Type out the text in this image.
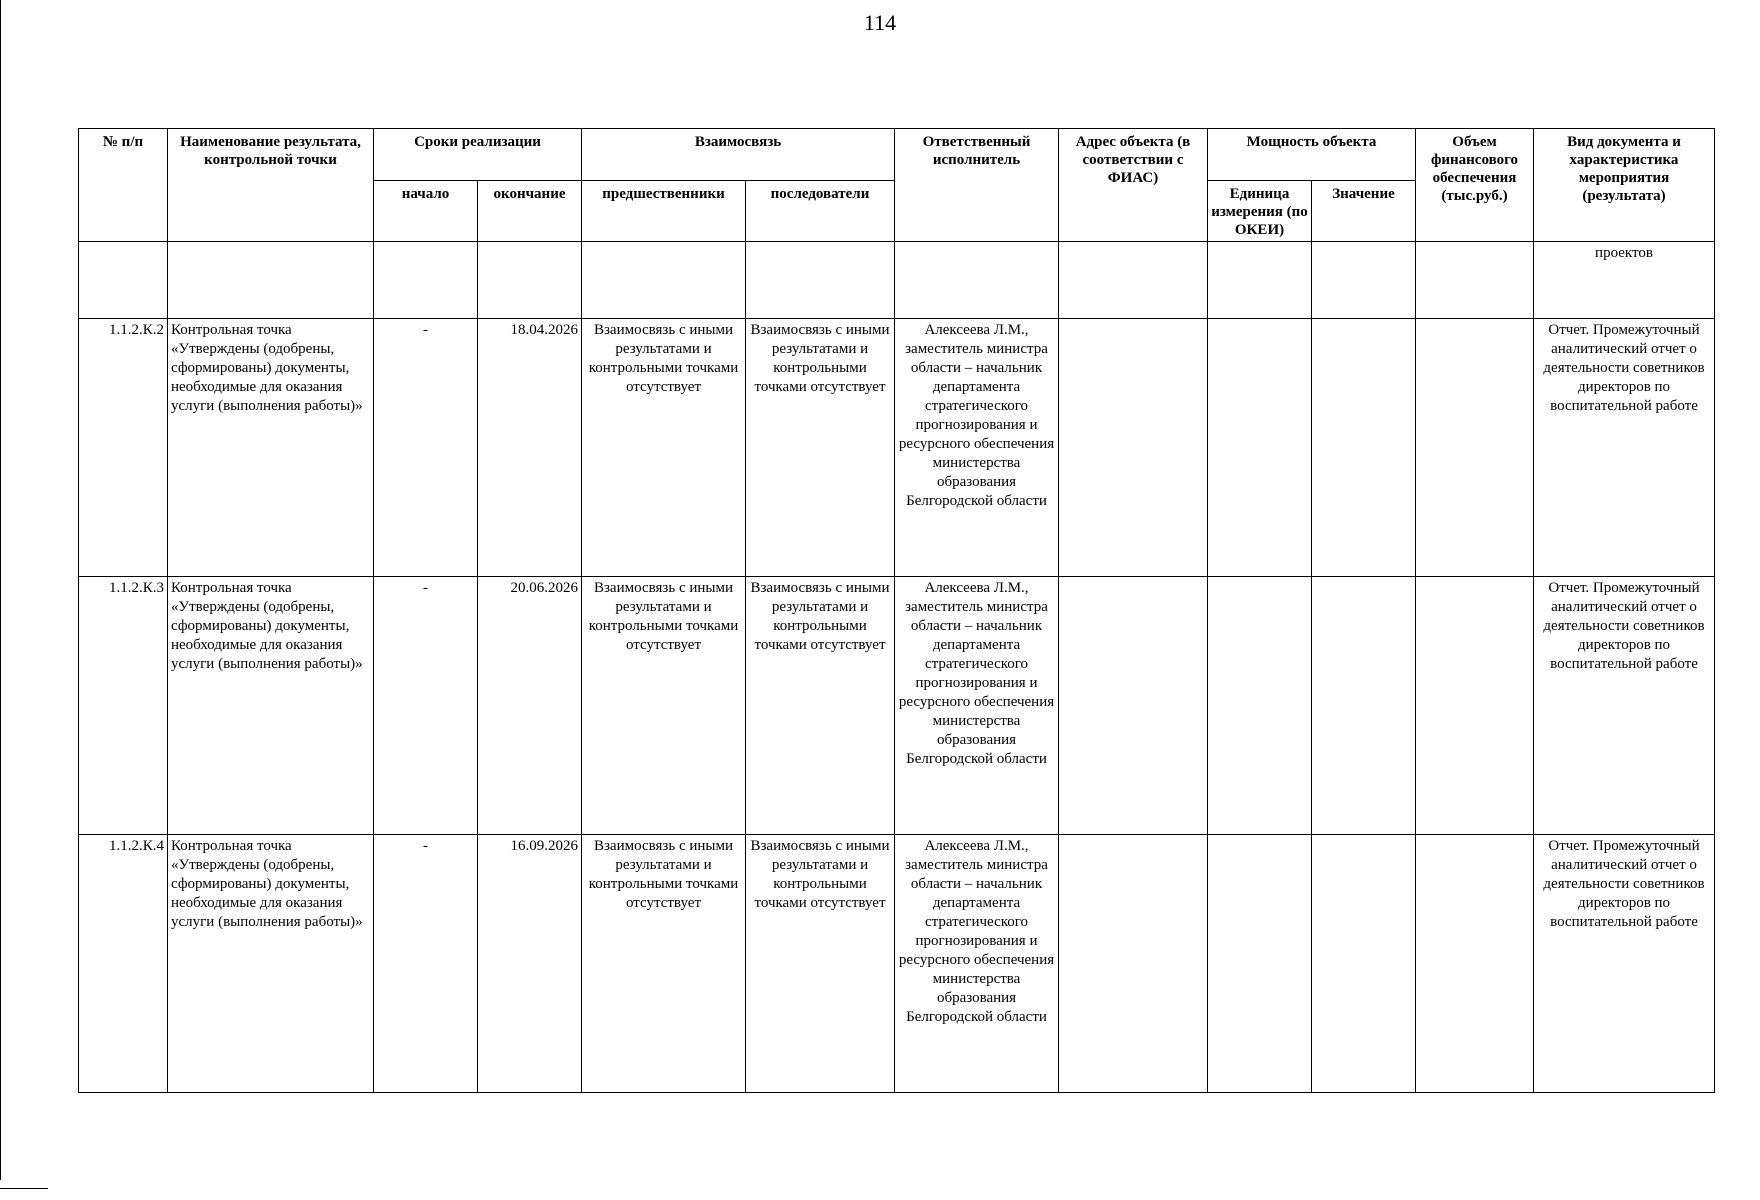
114
№ п/п	Наименование результата, контрольной точки	Сроки реализации		Взаимосвязь		Ответственный исполнитель	Адрес объекта (в соответствии с ФИАС)	Мощность объекта		Объем финансового обеспечения (тыс.руб.)	Вид документа и характеристика мероприятия (результата)
		начало	окончание	предшественники	последователи			Единица измерения (по ОКЕИ)	Значение		
											проектов
1.1.2.К.2	Контрольная точка «Утверждены (одобрены, сформированы) документы, необходимые для оказания услуги (выполнения работы)»	-	18.04.2026	Взаимосвязь с иными результатами и контрольными точками отсутствует	Взаимосвязь с иными результатами и контрольными точками отсутствует	Алексеева Л.М., заместитель министра области – начальник департамента стратегического прогнозирования и ресурсного обеспечения министерства образования Белгородской области					Отчет. Промежуточный аналитический отчет о деятельности советников директоров по воспитательной работе
1.1.2.К.3	Контрольная точка «Утверждены (одобрены, сформированы) документы, необходимые для оказания услуги (выполнения работы)»	-	20.06.2026	Взаимосвязь с иными результатами и контрольными точками отсутствует	Взаимосвязь с иными результатами и контрольными точками отсутствует	Алексеева Л.М., заместитель министра области – начальник департамента стратегического прогнозирования и ресурсного обеспечения министерства образования Белгородской области					Отчет. Промежуточный аналитический отчет о деятельности советников директоров по воспитательной работе
1.1.2.К.4	Контрольная точка «Утверждены (одобрены, сформированы) документы, необходимые для оказания услуги (выполнения работы)»	-	16.09.2026	Взаимосвязь с иными результатами и контрольными точками отсутствует	Взаимосвязь с иными результатами и контрольными точками отсутствует	Алексеева Л.М., заместитель министра области – начальник департамента стратегического прогнозирования и ресурсного обеспечения министерства образования Белгородской области					Отчет. Промежуточный аналитический отчет о деятельности советников директоров по воспитательной работе
